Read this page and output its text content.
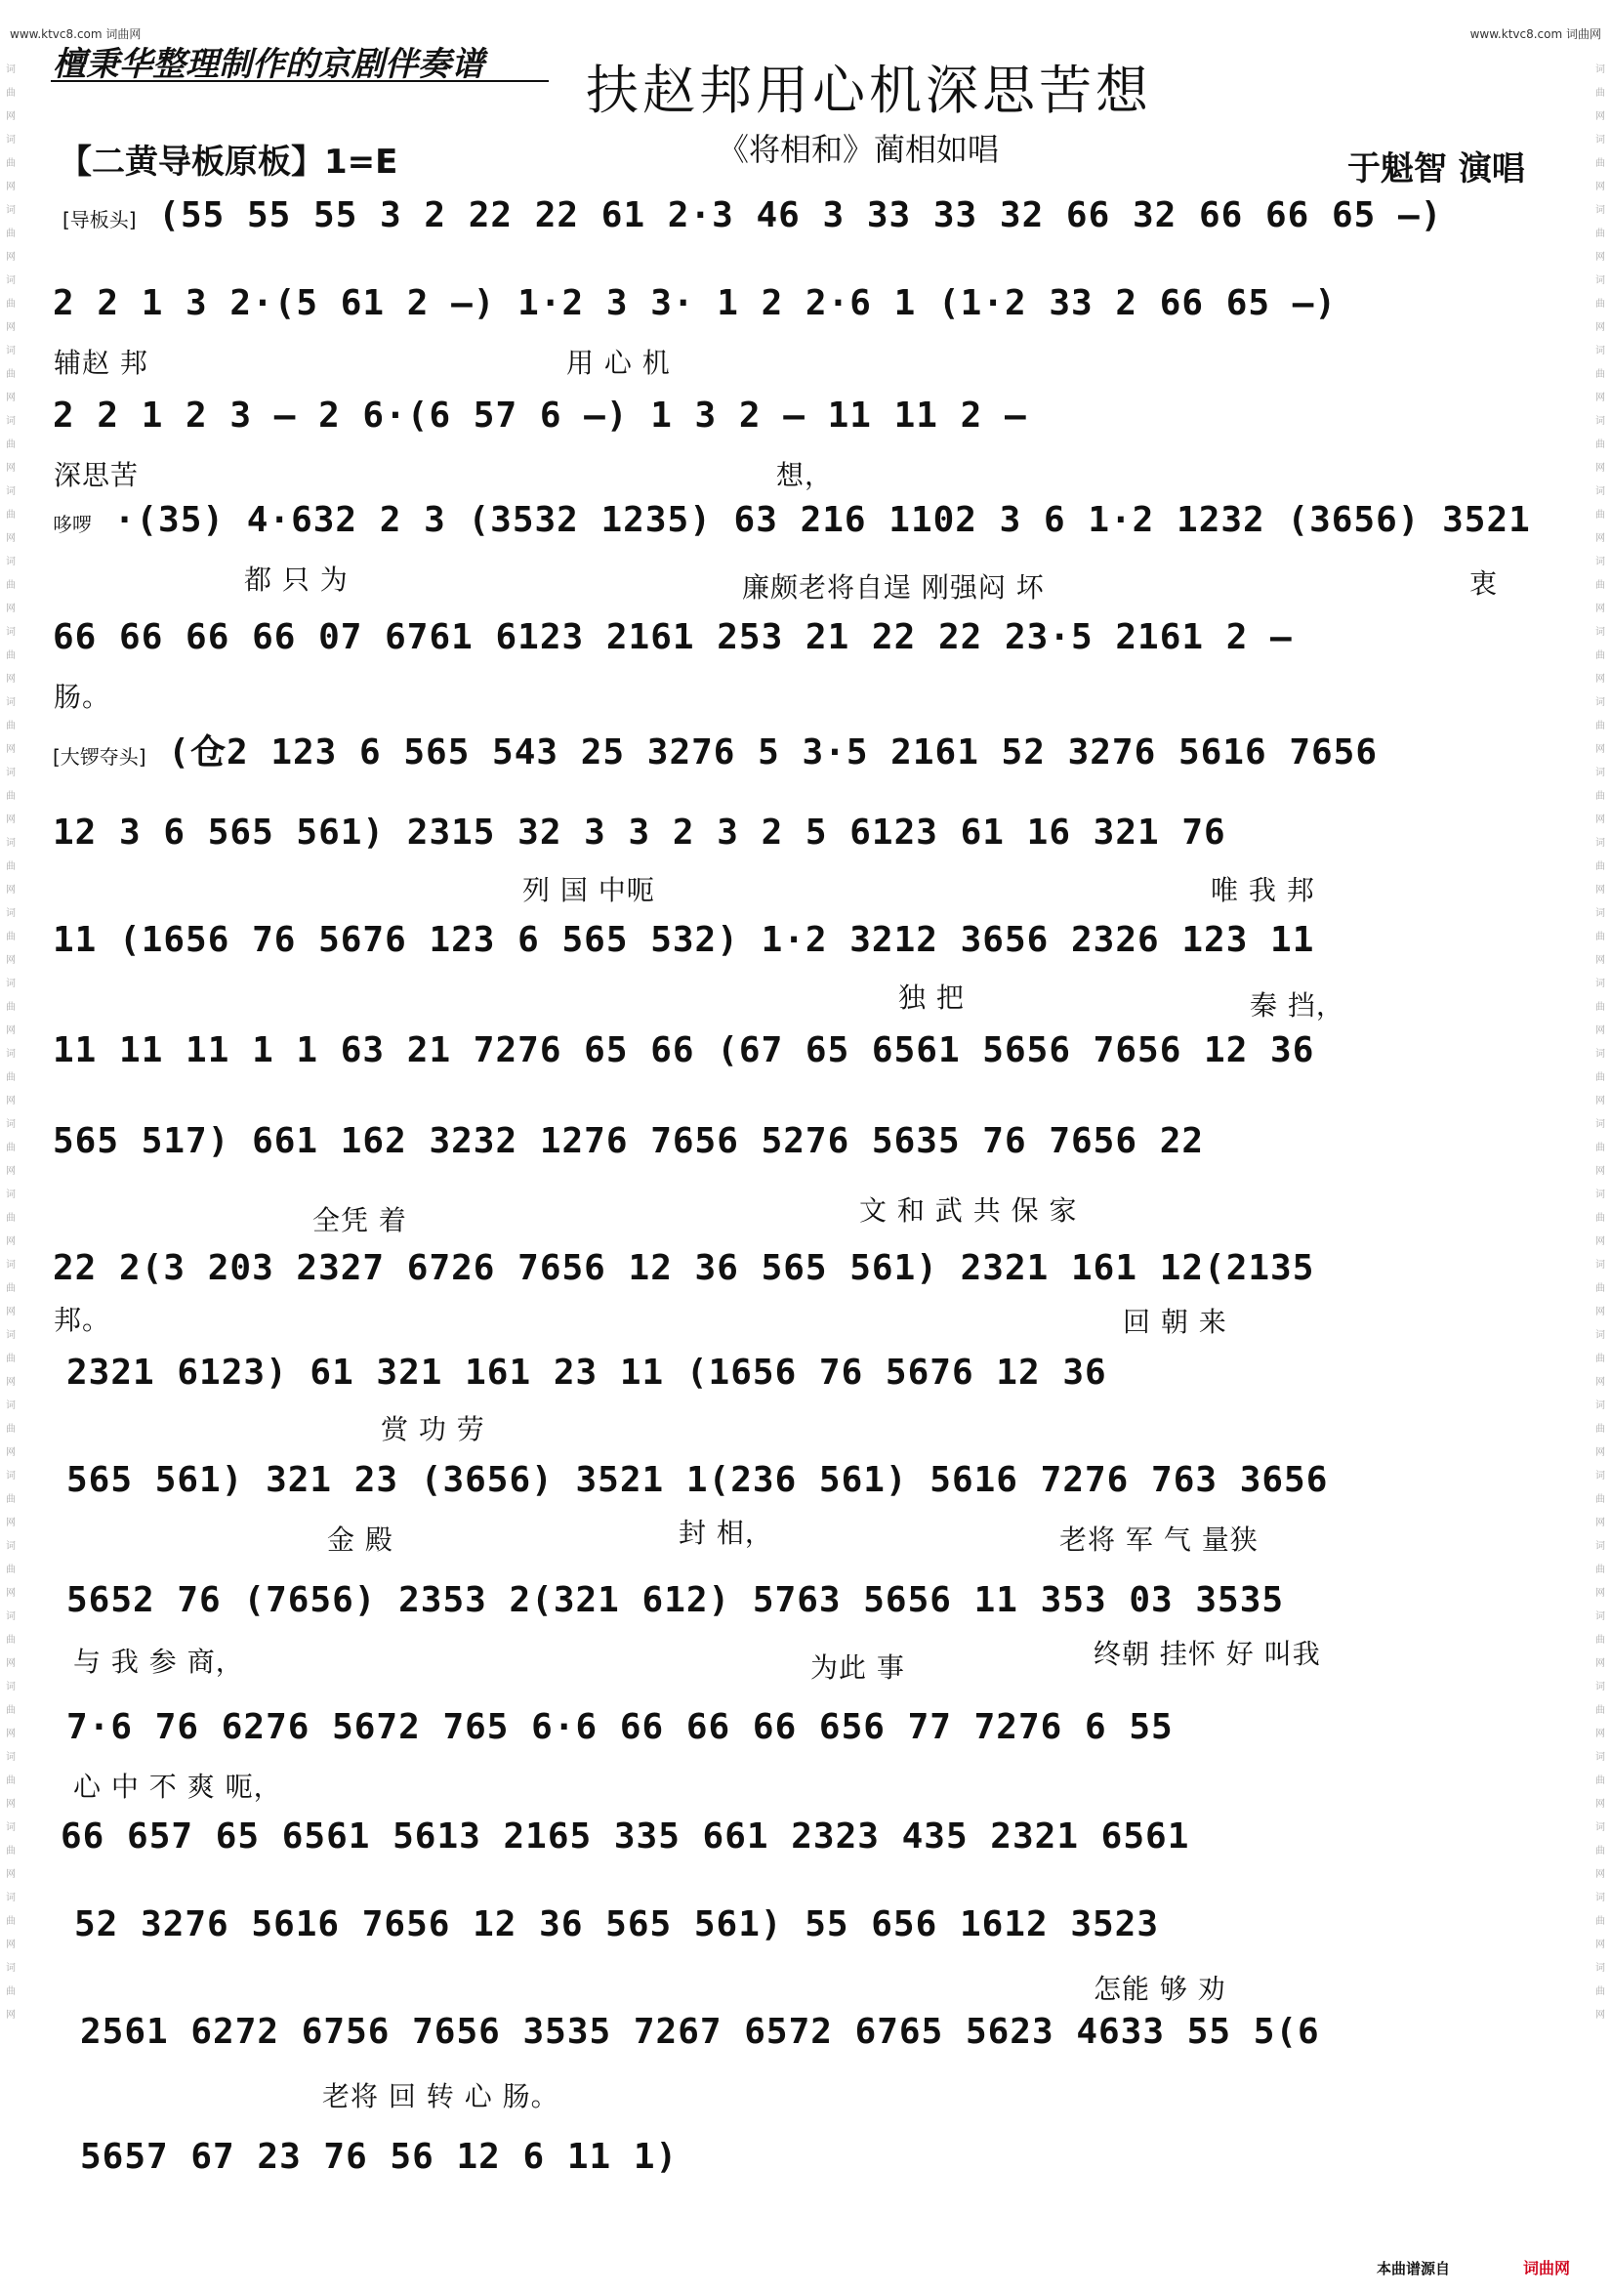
词曲网词曲网词曲网词曲网词曲网词曲网词曲网词曲网词曲网词曲网词曲网词曲网词曲网词曲网词曲网词曲网词曲网词曲网词曲网词曲网词曲网词曲网词曲网词曲网词曲网词曲网词曲网词曲网
词曲网词曲网词曲网词曲网词曲网词曲网词曲网词曲网词曲网词曲网词曲网词曲网词曲网词曲网词曲网词曲网词曲网词曲网词曲网词曲网词曲网词曲网词曲网词曲网词曲网词曲网词曲网词曲网
www.ktvc8.com 词曲网	www.ktvc8.com 词曲网
檀秉华整理制作的京剧伴奏谱 扶赵邦用心机深思苦想
《将相和》蔺相如唱
【二黄导板原板】1=E	于魁智 演唱
[导板头] (55 55 55 3 2 22 22 61 2·3 46 3 33 33 32 66 32 66 66 65 –)
2 2 1 3 2·(5 61 2 –) 1·2 3 3· 1 2 2·6 1 (1·2 33 2 66 65 –)
辅赵 邦	用 心 机
2 2 1 2 3 – 2 6·(6 57 6 –) 1 3 2 – 11 11 2 –
深思苦	想，
哆啰 ·(35) 4·632 2 3 (3532 1235) 63 216 1102 3 6 1·2 1232 (3656) 3521
都 只 为	廉颇老将自逞 刚强闷 坏	衷
66 66 66 66 07 6761 6123 2161 253 21 22 22 23·5 2161 2 –
肠。
[大锣夺头] (仓2 123 6 565 543 25 3276 5 3·5 2161 52 3276 5616 7656
12 3 6 565 561) 2315 32 3 3 2 3 2 5 6123 61 16 321 76
列 国 中呃	唯 我 邦
11 (1656 76 5676 123 6 565 532) 1·2 3212 3656 2326 123 11
独 把	秦 挡，
11 11 11 1 1 63 21 7276 65 66 (67 65 6561 5656 7656 12 36
565 517) 661 162 3232 1276 7656 5276 5635 76 7656 22
全凭 着	文 和 武 共 保 家
22 2(3 203 2327 6726 7656 12 36 565 561) 2321 161 12(2135
邦。	回 朝 来
2321 6123) 61 321 161 23 11 (1656 76 5676 12 36
赏 功 劳
565 561) 321 23 (3656) 3521 1(236 561) 5616 7276 763 3656
金 殿	封 相，	老将 军 气 量狭
5652 76 (7656) 2353 2(321 612) 5763 5656 11 353 03 3535
与 我 参 商，	为此 事	终朝 挂怀 好 叫我
7·6 76 6276 5672 765 6·6 66 66 66 656 77 7276 6 55
心 中 不 爽 呃，
66 657 65 6561 5613 2165 335 661 2323 435 2321 6561
52 3276 5616 7656 12 36 565 561) 55 656 1612 3523
怎能 够 劝
2561 6272 6756 7656 3535 7267 6572 6765 5623 4633 55 5(6
老将 回 转 心 肠。
5657 67 23 76 56 12 6 11 1)
本曲谱源自	词曲网
